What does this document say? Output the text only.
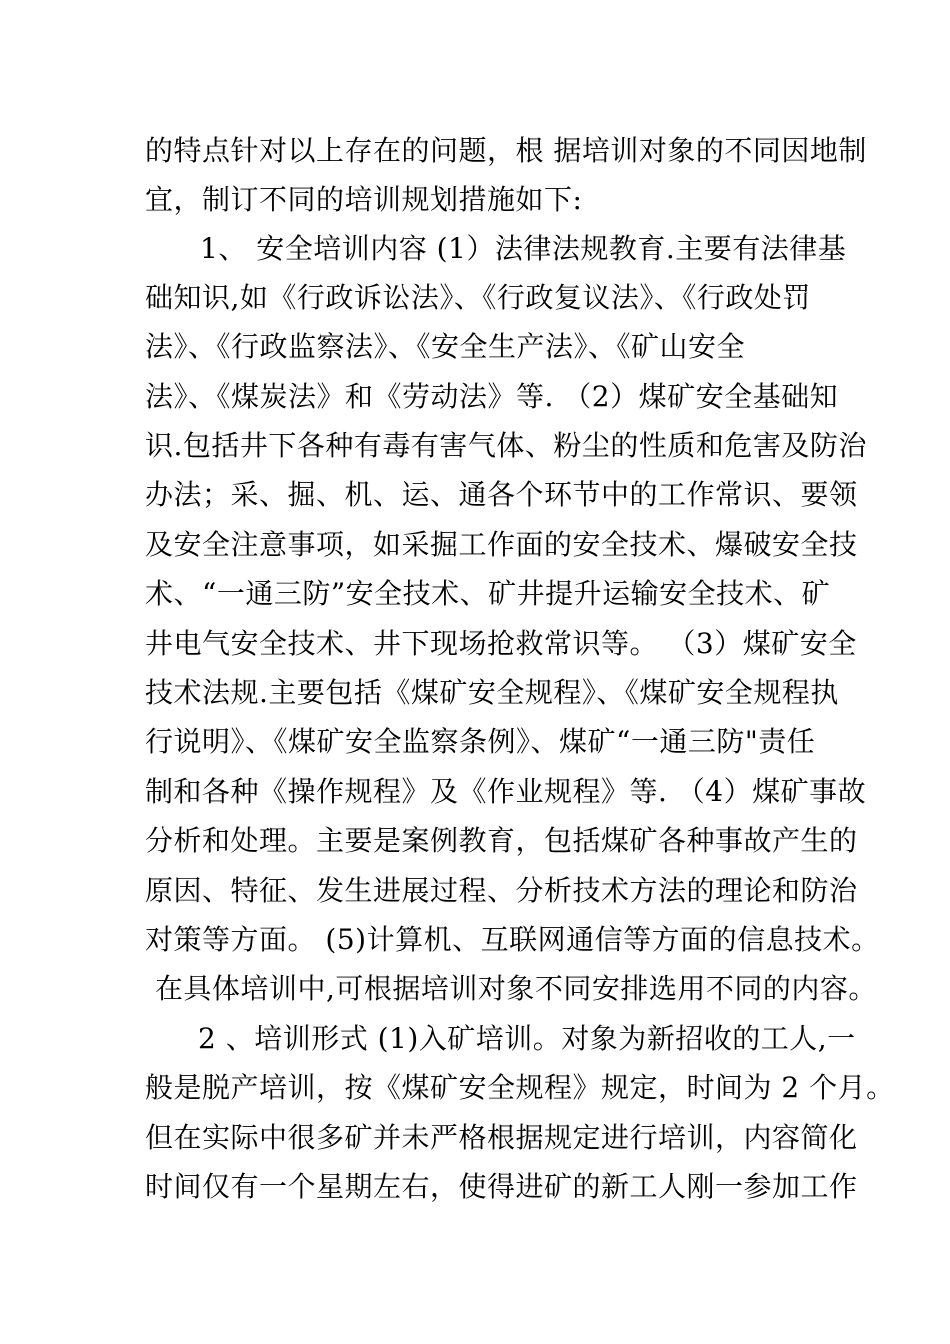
的特点针对以上存在的问题，根 据培训对象的不同因地制
宜，制订不同的培训规划措施如下:
1、 安全培训内容 (1）法律法规教育.主要有法律基
础知识,如《行政诉讼法》、《行政复议法》、《行政处罚
法》、《行政监察法》、《安全生产法》、《矿山安全
法》、《煤炭法》和《劳动法》等. （2）煤矿安全基础知
识.包括井下各种有毒有害气体、粉尘的性质和危害及防治
办法；采、掘、机、运、通各个环节中的工作常识、要领
及安全注意事项，如采掘工作面的安全技术、爆破安全技
术、“一通三防”安全技术、矿井提升运输安全技术、矿
井电气安全技术、井下现场抢救常识等。 （3）煤矿安全
技术法规.主要包括《煤矿安全规程》、《煤矿安全规程执
行说明》、《煤矿安全监察条例》、煤矿“一通三防"责任
制和各种《操作规程》及《作业规程》等. （4）煤矿事故
分析和处理。主要是案例教育，包括煤矿各种事故产生的
原因、特征、发生进展过程、分析技术方法的理论和防治
对策等方面。 (5)计算机、互联网通信等方面的信息技术。
在具体培训中,可根据培训对象不同安排选用不同的内容。
2 、培训形式 (1)入矿培训。对象为新招收的工人,一
般是脱产培训，按《煤矿安全规程》规定，时间为 2 个月。
但在实际中很多矿并未严格根据规定进行培训，内容简化
时间仅有一个星期左右，使得进矿的新工人刚一参加工作
